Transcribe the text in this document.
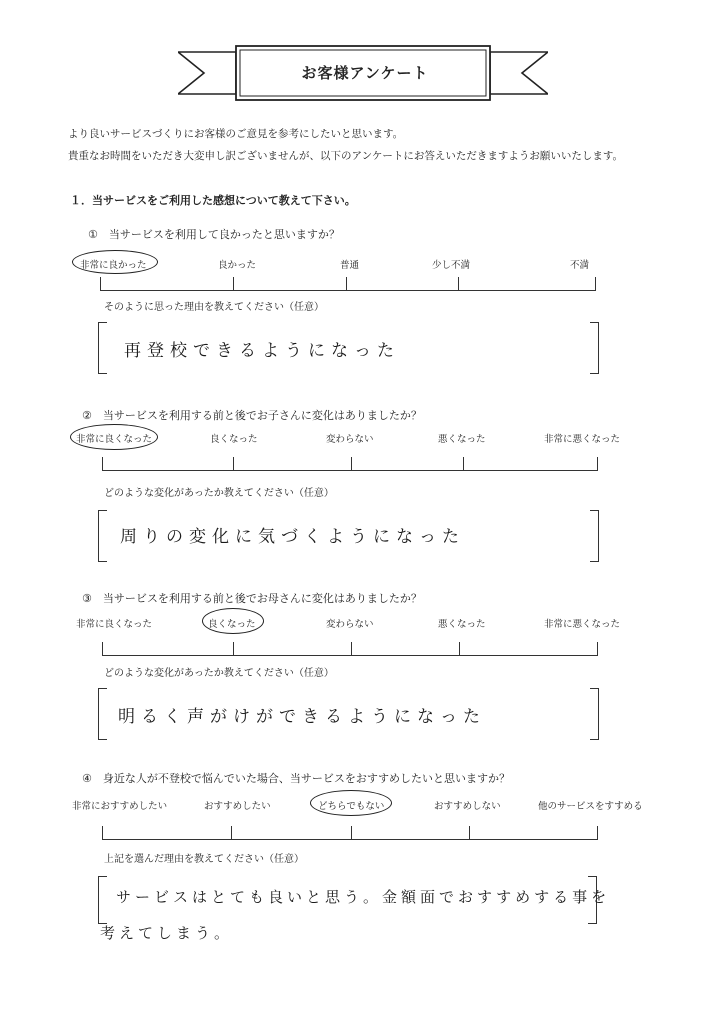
お客様アンケート
より良いサービスづくりにお客様のご意見を参考にしたいと思います。
貴重なお時間をいただき大変申し訳ございませんが、以下のアンケートにお答えいただきますようお願いいたします。
１．当サービスをご利用した感想について教えて下さい。
①　当サービスを利用して良かったと思いますか？
非常に良かった	良かった	普通	少し不満	不満
そのように思った理由を教えてください（任意）
再登校できるようになった
②　当サービスを利用する前と後でお子さんに変化はありましたか？
非常に良くなった	良くなった	変わらない	悪くなった	非常に悪くなった
どのような変化があったか教えてください（任意）
周りの変化に気づくようになった
③　当サービスを利用する前と後でお母さんに変化はありましたか？
非常に良くなった	良くなった	変わらない	悪くなった	非常に悪くなった
どのような変化があったか教えてください（任意）
明るく声がけができるようになった
④　身近な人が不登校で悩んでいた場合、当サービスをおすすめしたいと思いますか？
非常におすすめしたい	おすすめしたい	どちらでもない	おすすめしない	他のサービスをすすめる
上記を選んだ理由を教えてください（任意）
サービスはとても良いと思う。金額面でおすすめする事を
考えてしまう。
